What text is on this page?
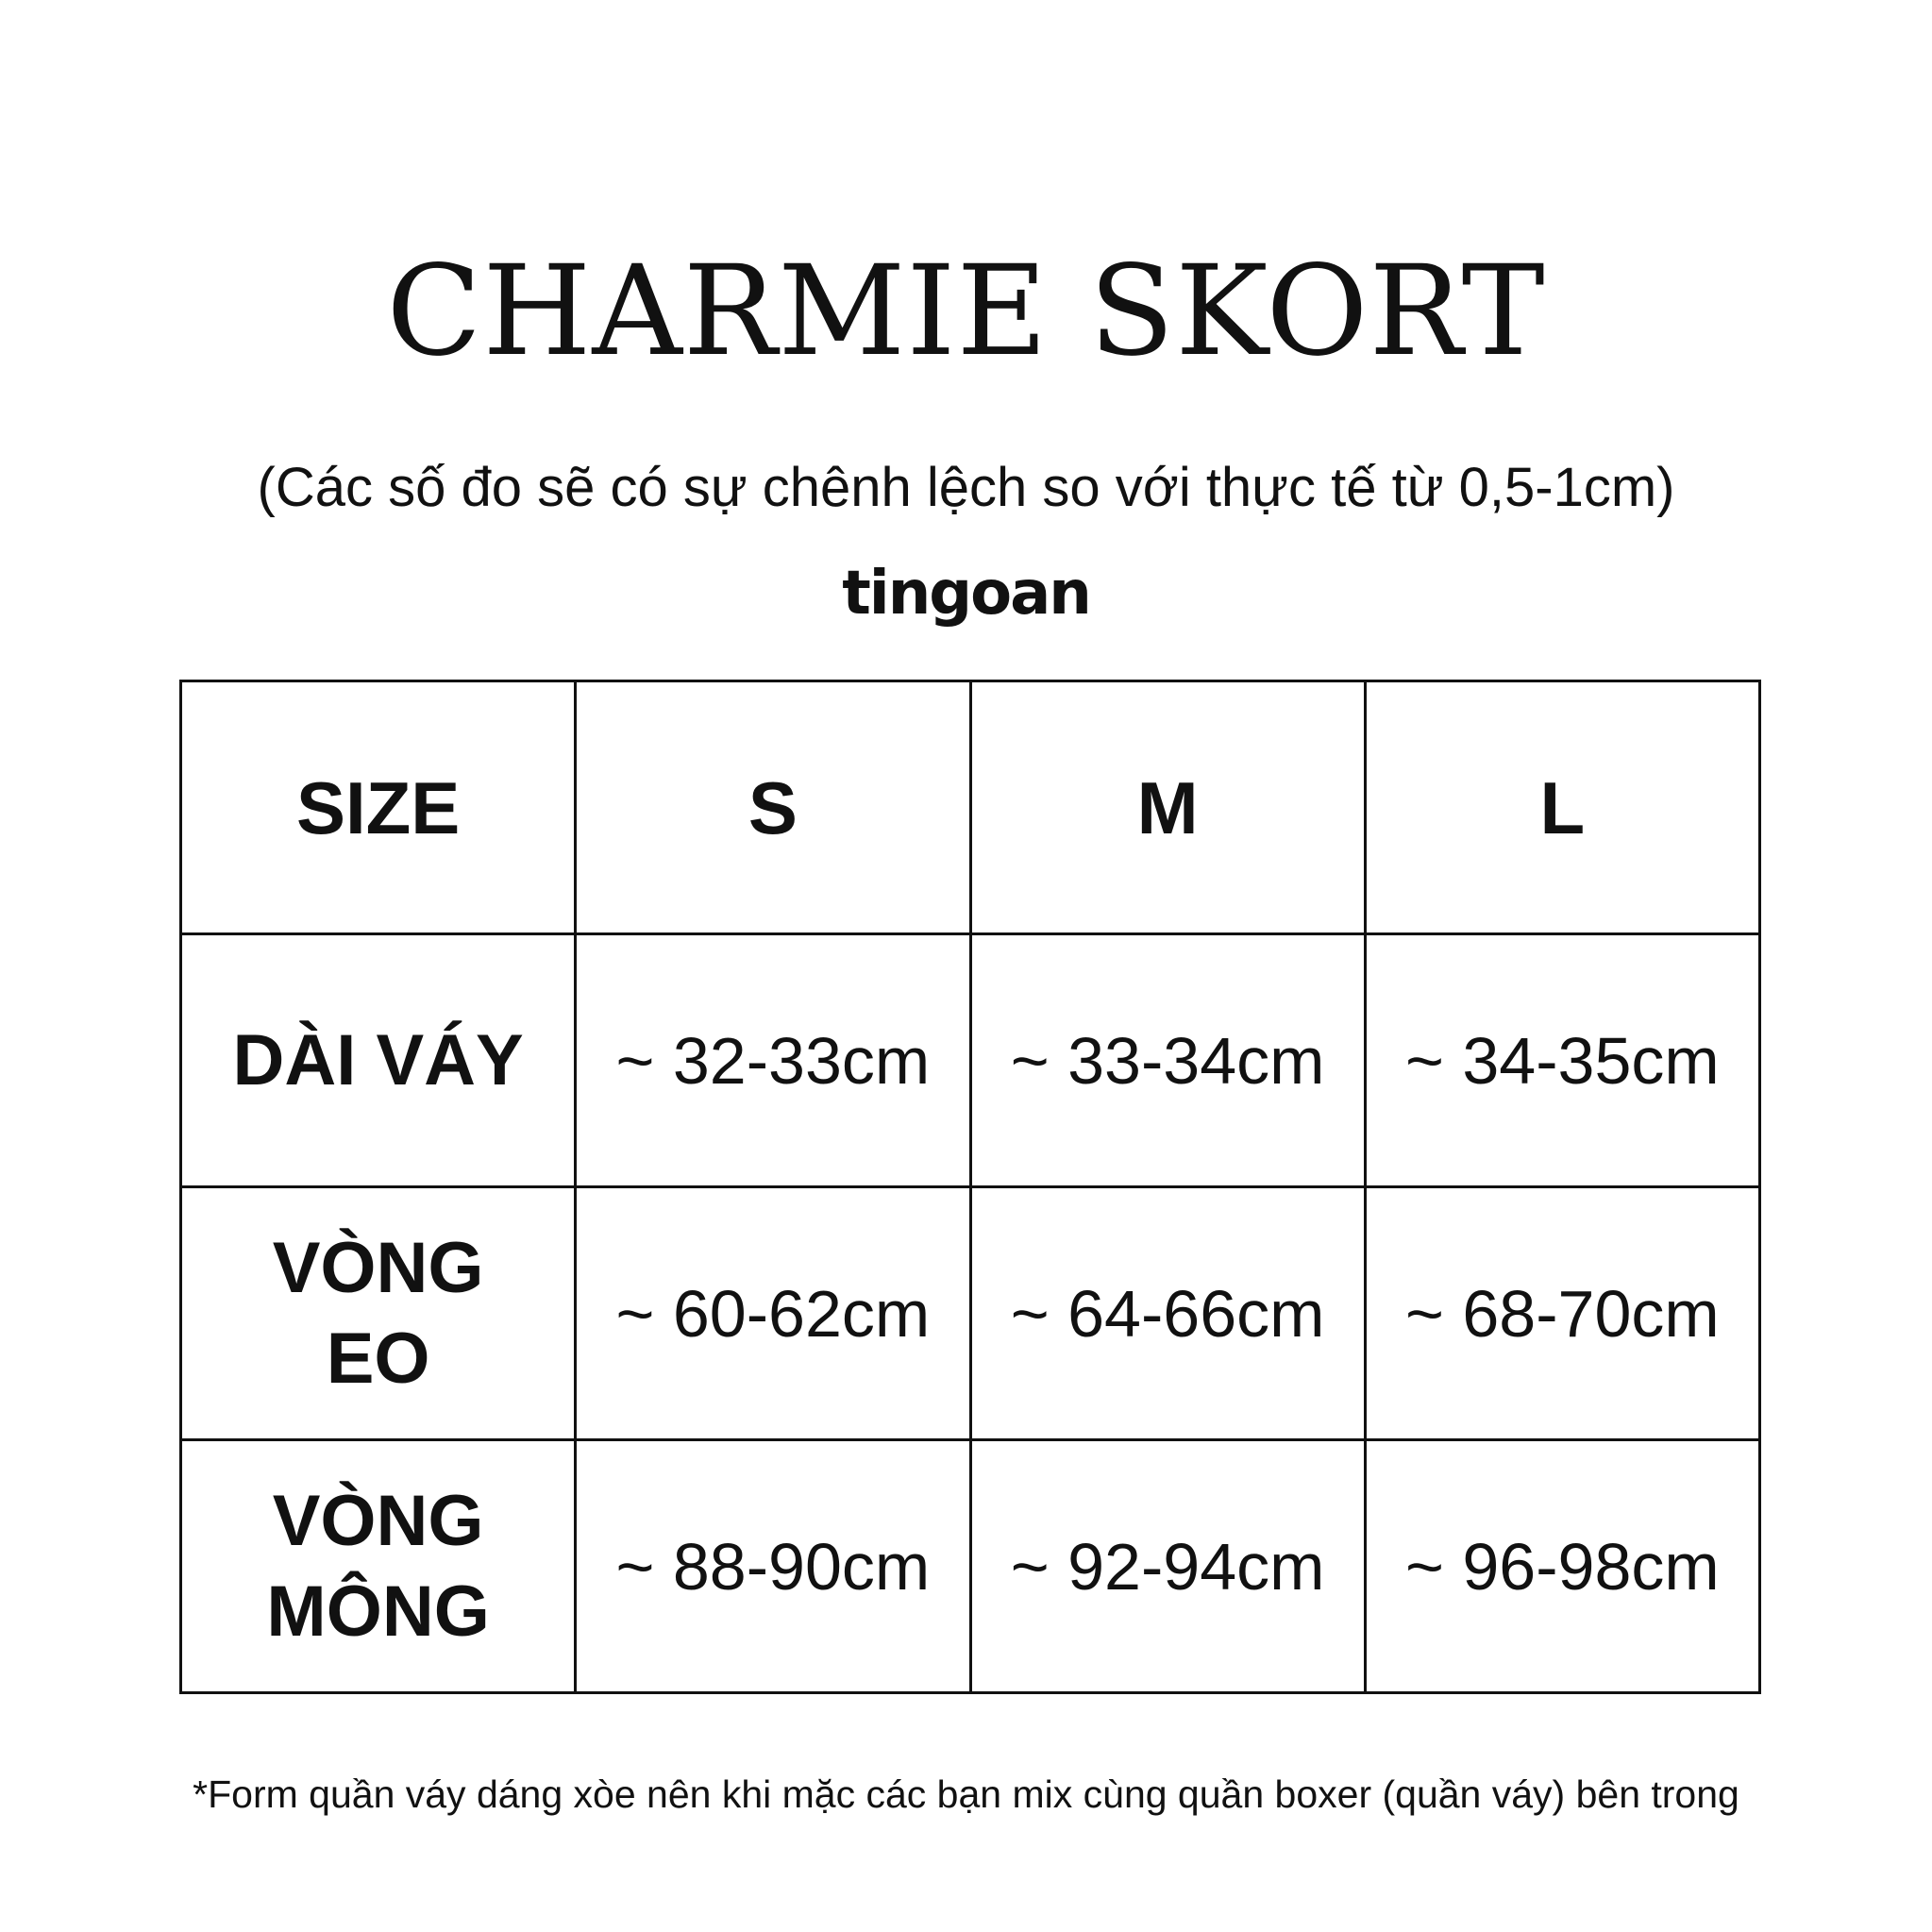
CHARMIE SKORT

(Các số đo sẽ có sự chênh lệch so với thực tế từ 0,5-1cm)

tingoan

SIZE	S	M	L
DÀI VÁY	~ 32-33cm	~ 33-34cm	~ 34-35cm
VÒNG
EO	~ 60-62cm	~ 64-66cm	~ 68-70cm
VÒNG
MÔNG	~ 88-90cm	~ 92-94cm	~ 96-98cm

*Form quần váy dáng xòe nên khi mặc các bạn mix cùng quần boxer (quần váy) bên trong
